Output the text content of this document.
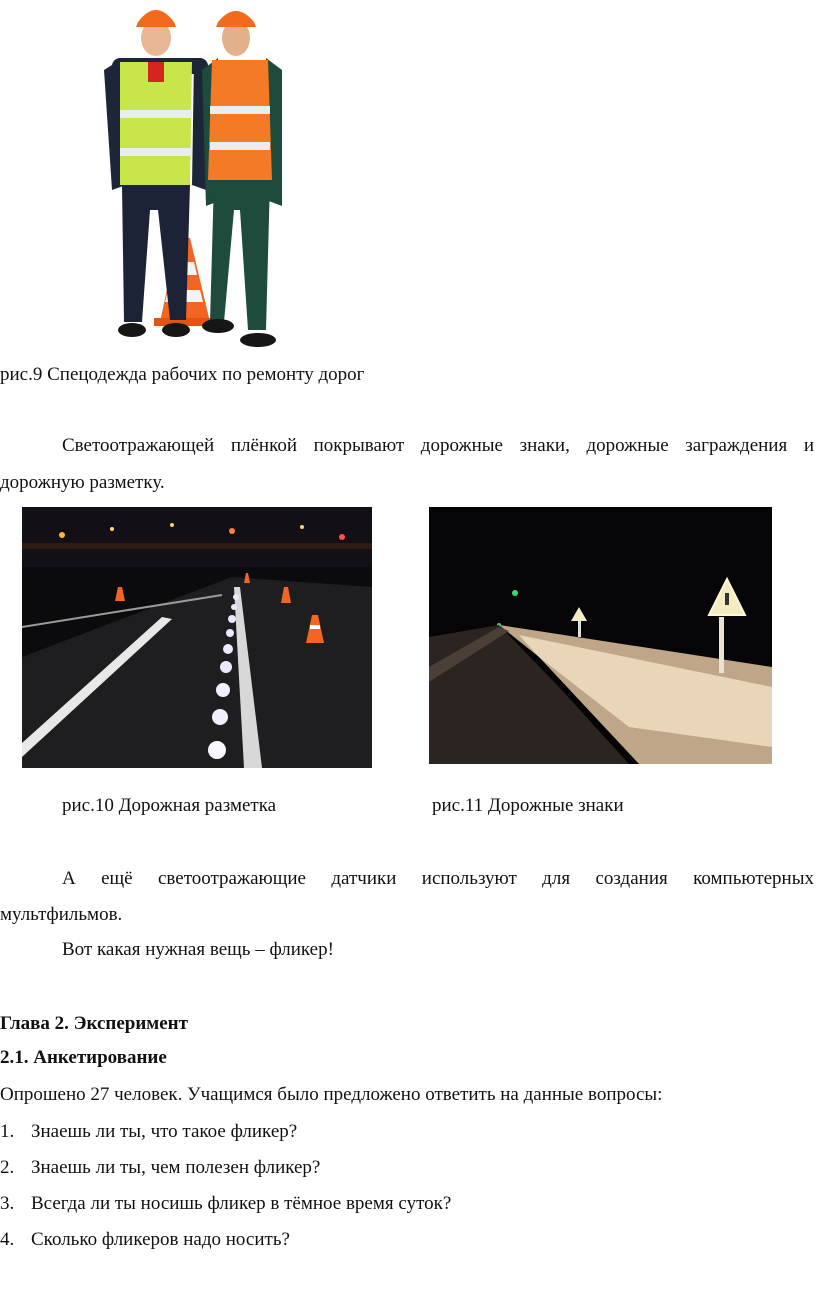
рис.9 Спецодежда рабочих по ремонту дорог
Светоотражающей плёнкой покрывают дорожные знаки, дорожные заграждения и
дорожную разметку.
рис.10 Дорожная разметка	рис.11 Дорожные знаки
А ещё светоотражающие датчики используют для создания компьютерных
мультфильмов.
Вот какая нужная вещь – фликер!
Глава 2. Эксперимент
2.1. Анкетирование
Опрошено 27 человек. Учащимся было предложено ответить на данные вопросы:
1. Знаешь ли ты, что такое фликер?
2. Знаешь ли ты, чем полезен фликер?
3. Всегда ли ты носишь фликер в тёмное время суток?
4. Сколько фликеров надо носить?
